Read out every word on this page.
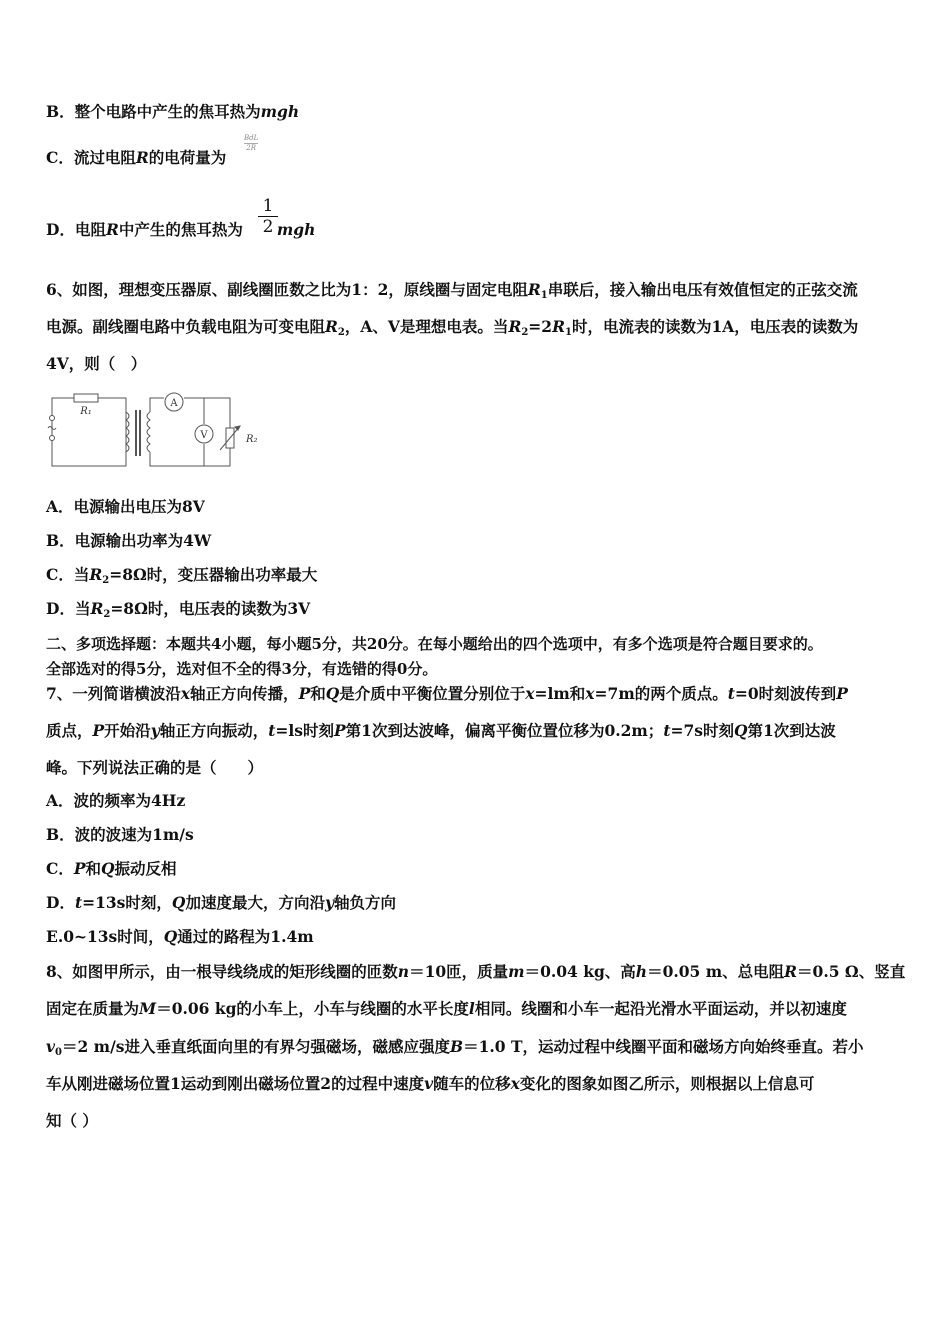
B．整个电路中产生的焦耳热为mgh
C．流过电阻R的电荷量为
BdL
2R
D．电阻R中产生的焦耳热为 mgh
$\frac{1}{2}$
6、如图，理想变压器原、副线圈匝数之比为1：2，原线圈与固定电阻$R_1$串联后，接入输出电压有效值恒定的正弦交流
电源。副线圈电路中负载电阻为可变电阻$R_2$，A、V是理想电表。当$R_2=2R_1$时，电流表的读数为1A，电压表的读数为
4V，则（　）
A
V
R₁
R₂
A．电源输出电压为8V
B．电源输出功率为4W
C．当$R_2=8\Omega$时，变压器输出功率最大
D．当$R_2=8\Omega$时，电压表的读数为3V
二、多项选择题：本题共4小题，每小题5分，共20分。在每小题给出的四个选项中，有多个选项是符合题目要求的。
全部选对的得5分，选对但不全的得3分，有选错的得0分。
7、一列简谐横波沿x轴正方向传播，P和Q是介质中平衡位置分别位于x=lm和x=7m的两个质点。t=0时刻波传到P
质点，P开始沿y轴正方向振动，t=ls时刻P第1次到达波峰，偏离平衡位置位移为0.2m；t=7s时刻Q第1次到达波
峰。下列说法正确的是（　　）
A．波的频率为4Hz
B．波的波速为1m/s
C．P和Q振动反相
D．t=13s时刻，Q加速度最大，方向沿y轴负方向
E.0~13s时间，Q通过的路程为1.4m
8、如图甲所示，由一根导线绕成的矩形线圈的匝数n＝10匝，质量m＝0.04 kg、高h＝0.05 m、总电阻R＝0.5 Ω、竖直
固定在质量为M＝0.06 kg的小车上，小车与线圈的水平长度l相同。线圈和小车一起沿光滑水平面运动，并以初速度
$v_0=2$ m/s进入垂直纸面向里的有界匀强磁场，磁感应强度B＝1.0 T，运动过程中线圈平面和磁场方向始终垂直。若小
车从刚进磁场位置1运动到刚出磁场位置2的过程中速度v随车的位移x变化的图象如图乙所示，则根据以上信息可
知（ ）
